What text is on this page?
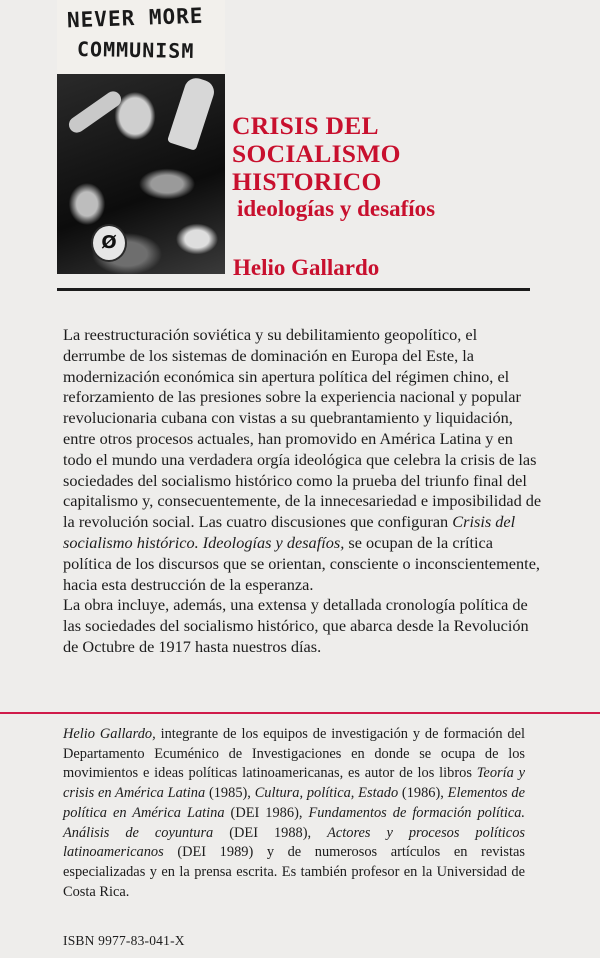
NEVER MORE
COMMUNISM
Ø
CRISIS DEL
SOCIALISMO
HISTORICO
ideologías y desafíos
Helio Gallardo

La reestructuración soviética y su debilitamiento geopolítico, el derrumbe de los sistemas de dominación en Europa del Este, la modernización económica sin apertura política del régimen chino, el reforzamiento de las presiones sobre la experiencia nacional y popular revolucionaria cubana con vistas a su quebrantamiento y liquidación, entre otros procesos actuales, han promovido en América Latina y en todo el mundo una verdadera orgía ideológica que celebra la crisis de las sociedades del socialismo histórico como la prueba del triunfo final del capitalismo y, consecuentemente, de la innecesariedad e imposibilidad de la revolución social. Las cuatro discusiones que configuran Crisis del socialismo histórico. Ideologías y desafíos, se ocupan de la crítica política de los discursos que se orientan, consciente o inconscientemente, hacia esta destrucción de la esperanza.

La obra incluye, además, una extensa y detallada cronología política de las sociedades del socialismo histórico, que abarca desde la Revolución de Octubre de 1917 hasta nuestros días.

Helio Gallardo, integrante de los equipos de investigación y de formación del Departamento Ecuménico de Investigaciones en donde se ocupa de los movimientos e ideas políticas latinoamericanas, es autor de los libros Teoría y crisis en América Latina (1985), Cultura, política, Estado (1986), Elementos de política en América Latina (DEI 1986), Fundamentos de formación política. Análisis de coyuntura (DEI 1988), Actores y procesos políticos latinoamericanos (DEI 1989) y de numerosos artículos en revistas especializadas y en la prensa escrita. Es también profesor en la Universidad de Costa Rica.
ISBN 9977-83-041-X
